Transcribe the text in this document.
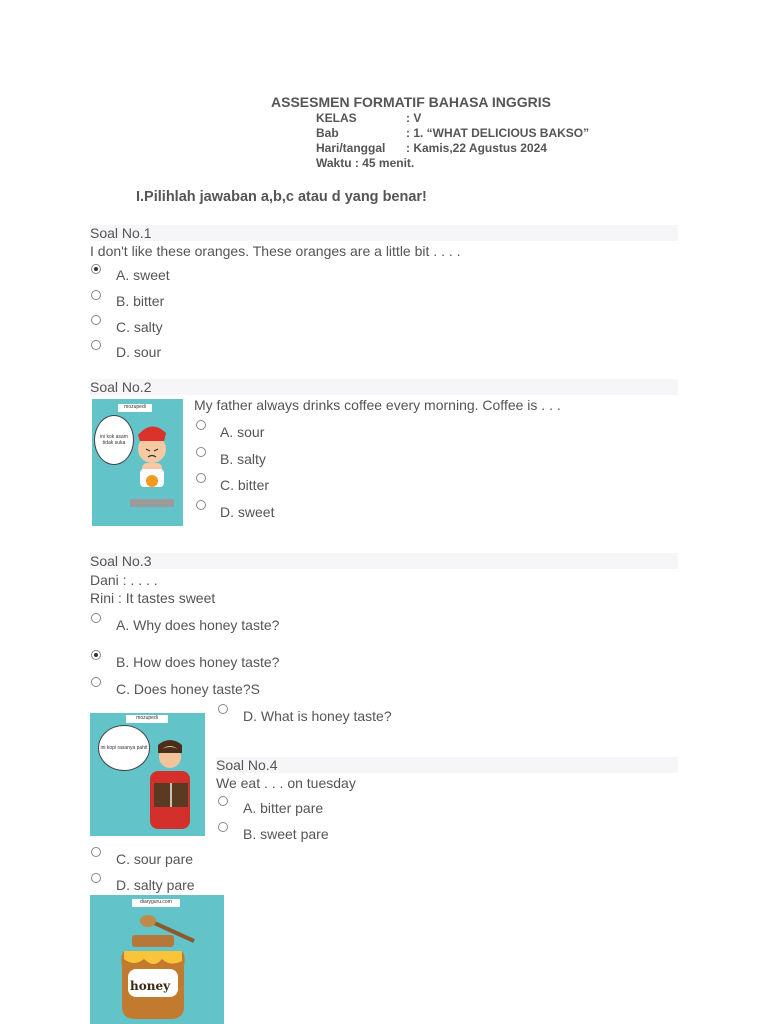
ASSESMEN FORMATIF BAHASA INGGRIS
KELAS	: V
Bab	: 1. “WHAT DELICIOUS BAKSO”
Hari/tanggal : Kamis,22 Agustus 2024
Waktu : 45 menit.
I.Pilihlah jawaban a,b,c atau d yang benar!
Soal No.1
I don't like these oranges. These oranges are a little bit . . . .
A. sweet
B. bitter
C. salty
D. sour
Soal No.2
mozupedi
ini kok asam tidak suka
My father always drinks coffee every morning. Coffee is . . .
A. sour
B. salty
C. bitter
D. sweet
Soal No.3
Dani : . . . .
Rini : It tastes sweet
A. Why does honey taste?
B. How does honey taste?
C. Does honey taste?S
mozupedi
ini kopi rasanya pahit
D. What is honey taste?
Soal No.4
We eat . . . on tuesday
A. bitter pare
B. sweet pare
C. sour pare
D. salty pare
diaryguru.com
honey
